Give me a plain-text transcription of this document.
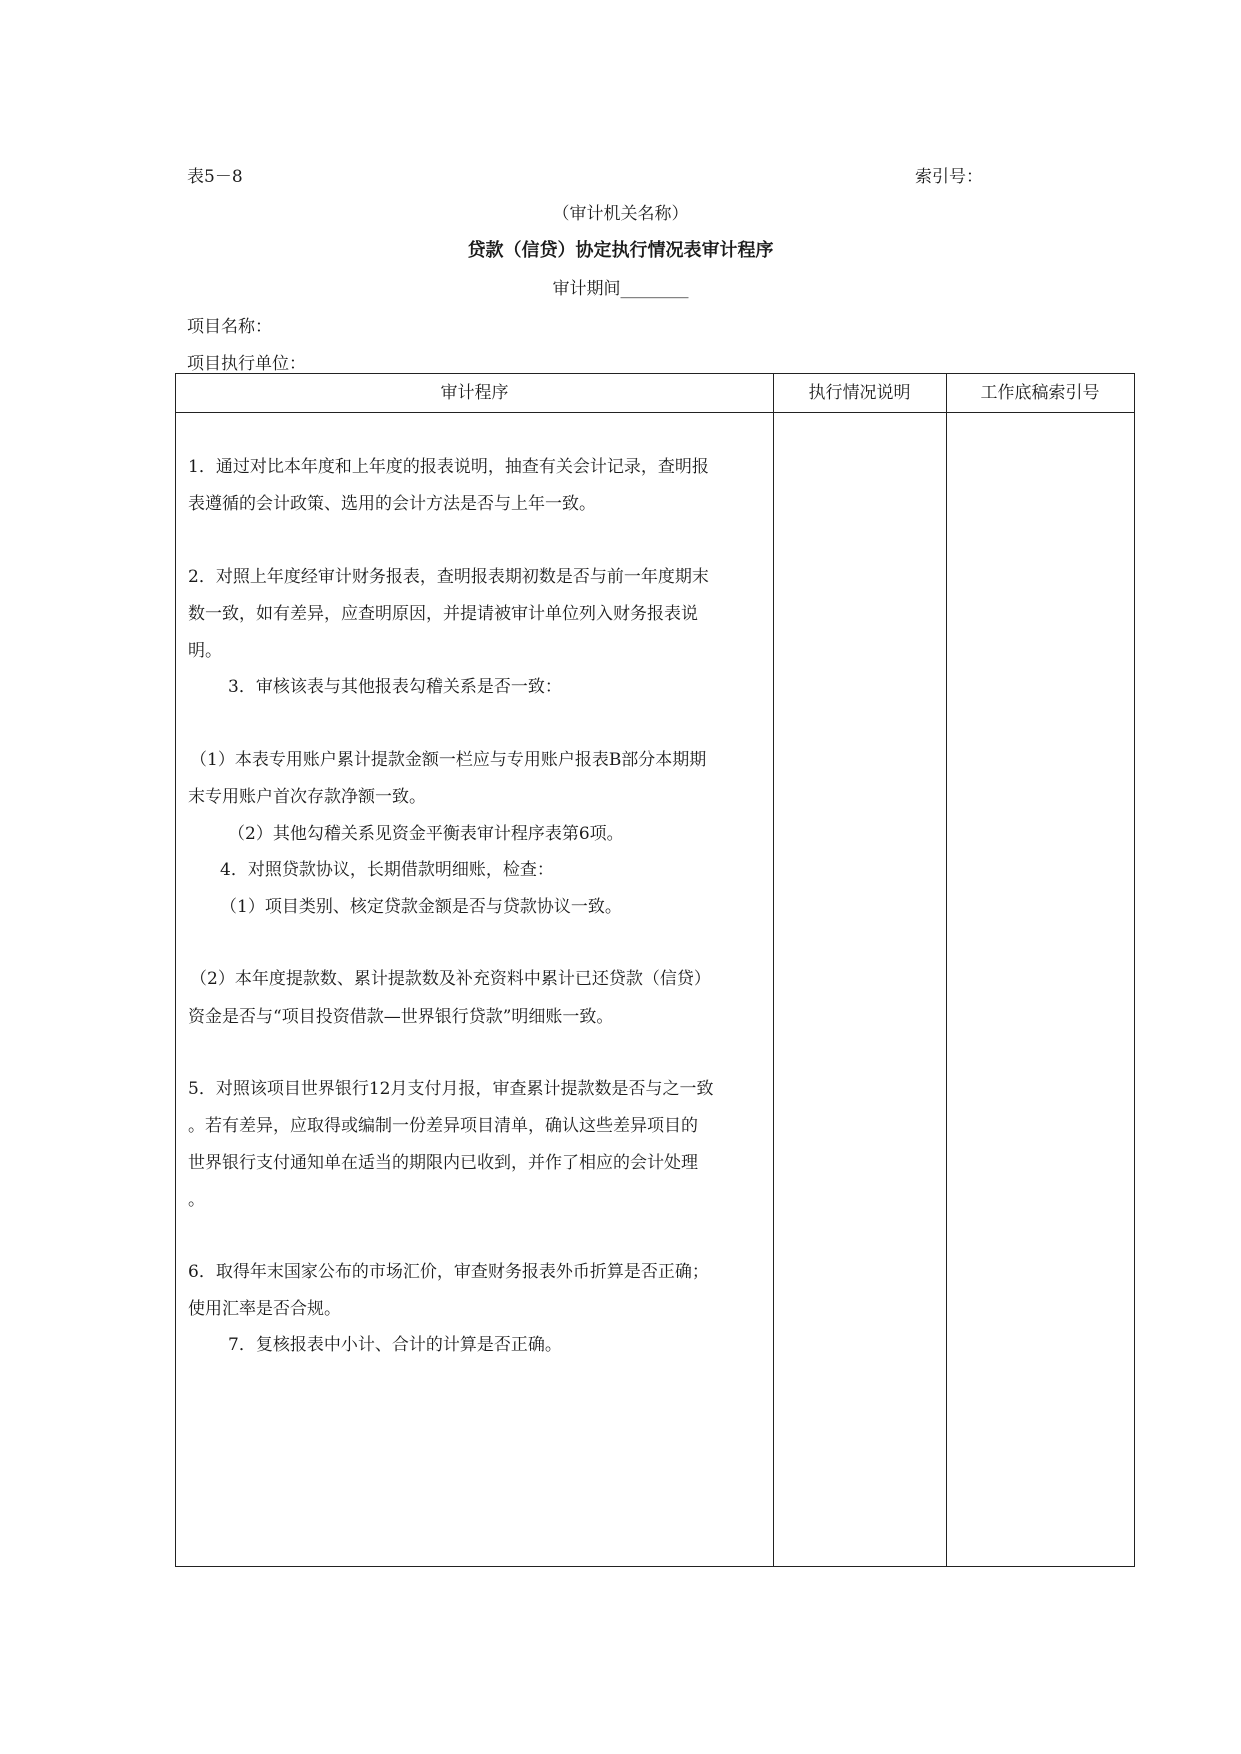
表5－8	索引号：
（审计机关名称）
贷款（信贷）协定执行情况表审计程序
审计期间________
项目名称：
项目执行单位：
审计程序	执行情况说明	工作底稿索引号
1．通过对比本年度和上年度的报表说明，抽查有关会计记录，查明报
表遵循的会计政策、选用的会计方法是否与上年一致。
2．对照上年度经审计财务报表，查明报表期初数是否与前一年度期末
数一致，如有差异，应查明原因，并提请被审计单位列入财务报表说
明。
3．审核该表与其他报表勾稽关系是否一致：
（1）本表专用账户累计提款金额一栏应与专用账户报表B部分本期期
末专用账户首次存款净额一致。
（2）其他勾稽关系见资金平衡表审计程序表第6项。
4．对照贷款协议，长期借款明细账，检查：
（1）项目类别、核定贷款金额是否与贷款协议一致。
（2）本年度提款数、累计提款数及补充资料中累计已还贷款（信贷）
资金是否与“项目投资借款—世界银行贷款”明细账一致。
5．对照该项目世界银行12月支付月报，审查累计提款数是否与之一致
。若有差异，应取得或编制一份差异项目清单，确认这些差异项目的
世界银行支付通知单在适当的期限内已收到，并作了相应的会计处理
。
6．取得年末国家公布的市场汇价，审查财务报表外币折算是否正确；
使用汇率是否合规。
7．复核报表中小计、合计的计算是否正确。
